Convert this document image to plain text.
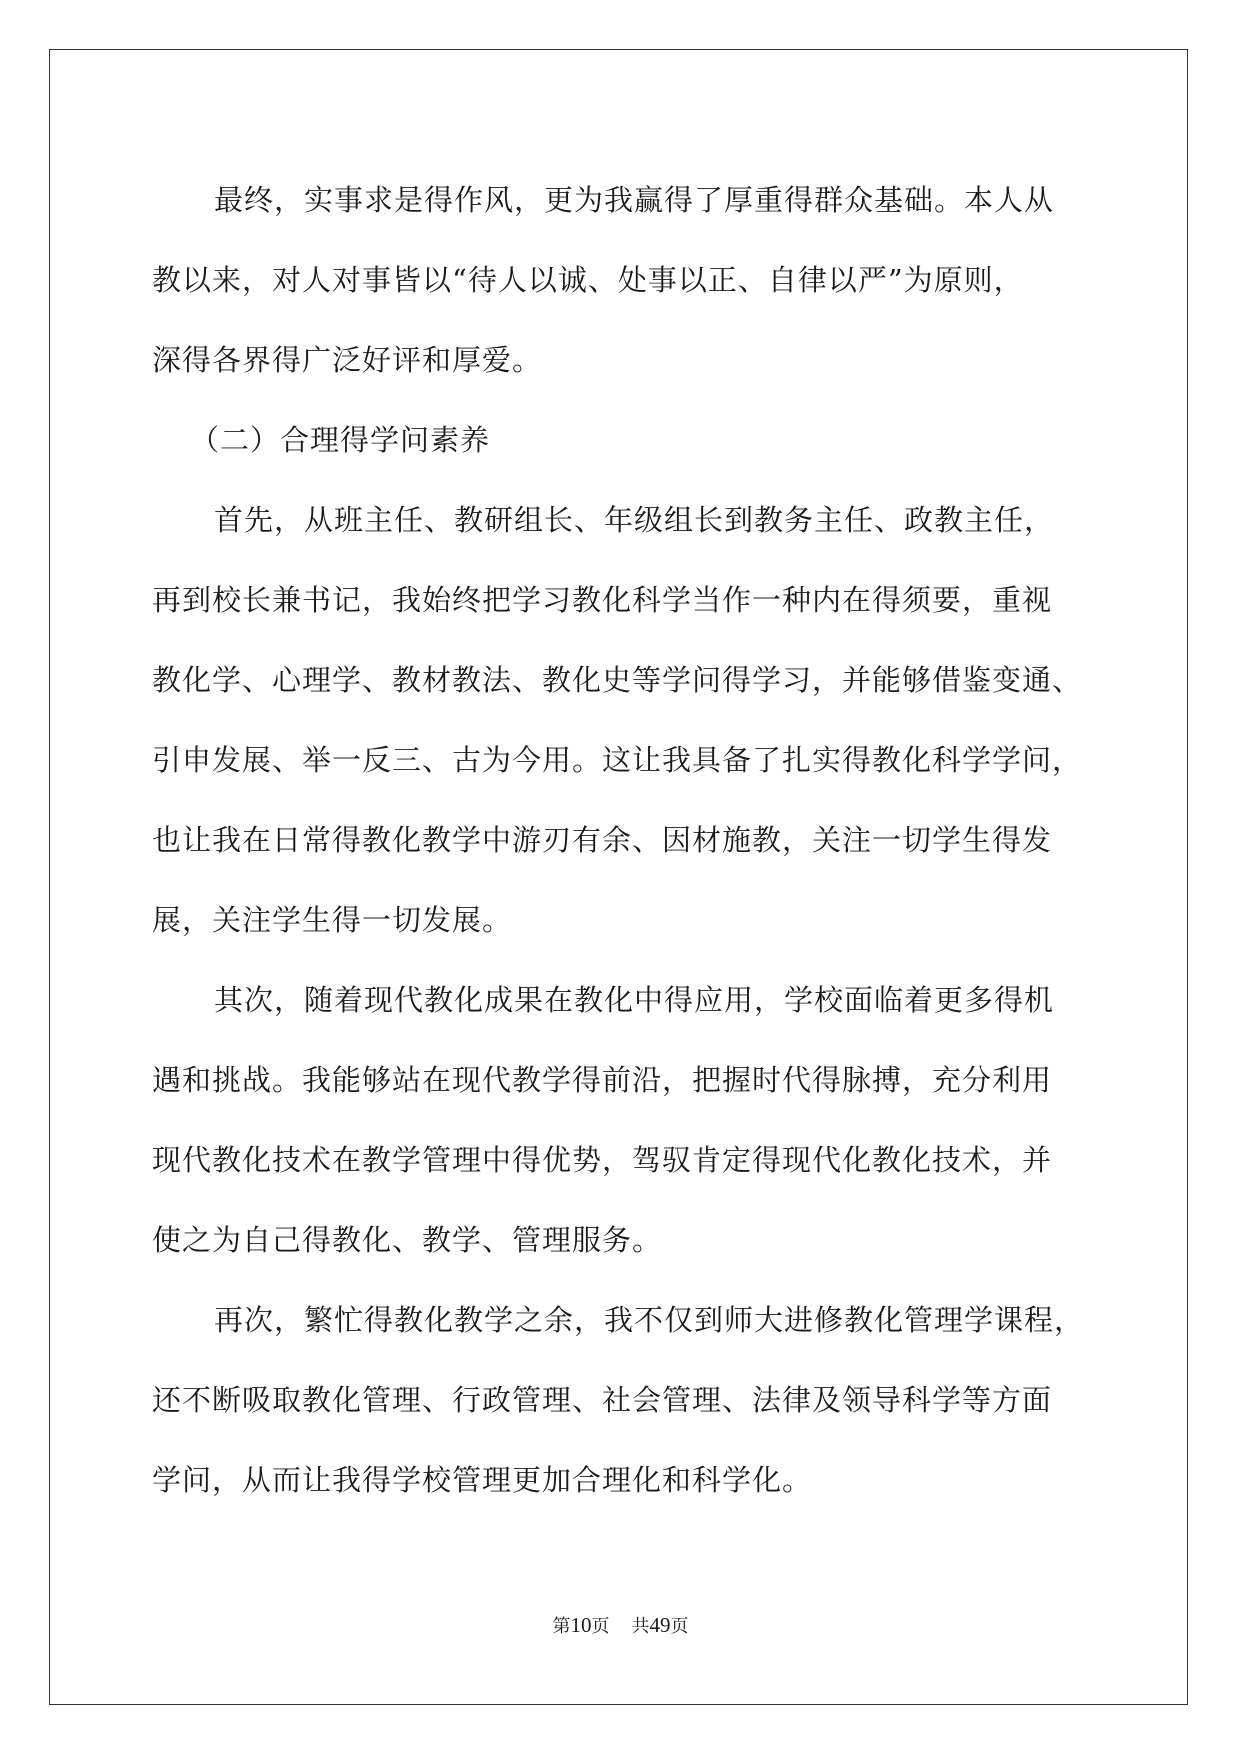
最终，实事求是得作风，更为我赢得了厚重得群众基础。本人从
教以来，对人对事皆以“待人以诚、处事以正、自律以严”为原则，
深得各界得广泛好评和厚爱。
（二）合理得学问素养
首先，从班主任、教研组长、年级组长到教务主任、政教主任，
再到校长兼书记，我始终把学习教化科学当作一种内在得须要，重视
教化学、心理学、教材教法、教化史等学问得学习，并能够借鉴变通、
引申发展、举一反三、古为今用。这让我具备了扎实得教化科学学问，
也让我在日常得教化教学中游刃有余、因材施教，关注一切学生得发
展，关注学生得一切发展。
其次，随着现代教化成果在教化中得应用，学校面临着更多得机
遇和挑战。我能够站在现代教学得前沿，把握时代得脉搏，充分利用
现代教化技术在教学管理中得优势，驾驭肯定得现代化教化技术，并
使之为自己得教化、教学、管理服务。
再次，繁忙得教化教学之余，我不仅到师大进修教化管理学课程，
还不断吸取教化管理、行政管理、社会管理、法律及领导科学等方面
学问，从而让我得学校管理更加合理化和科学化。
第10页 共49页
